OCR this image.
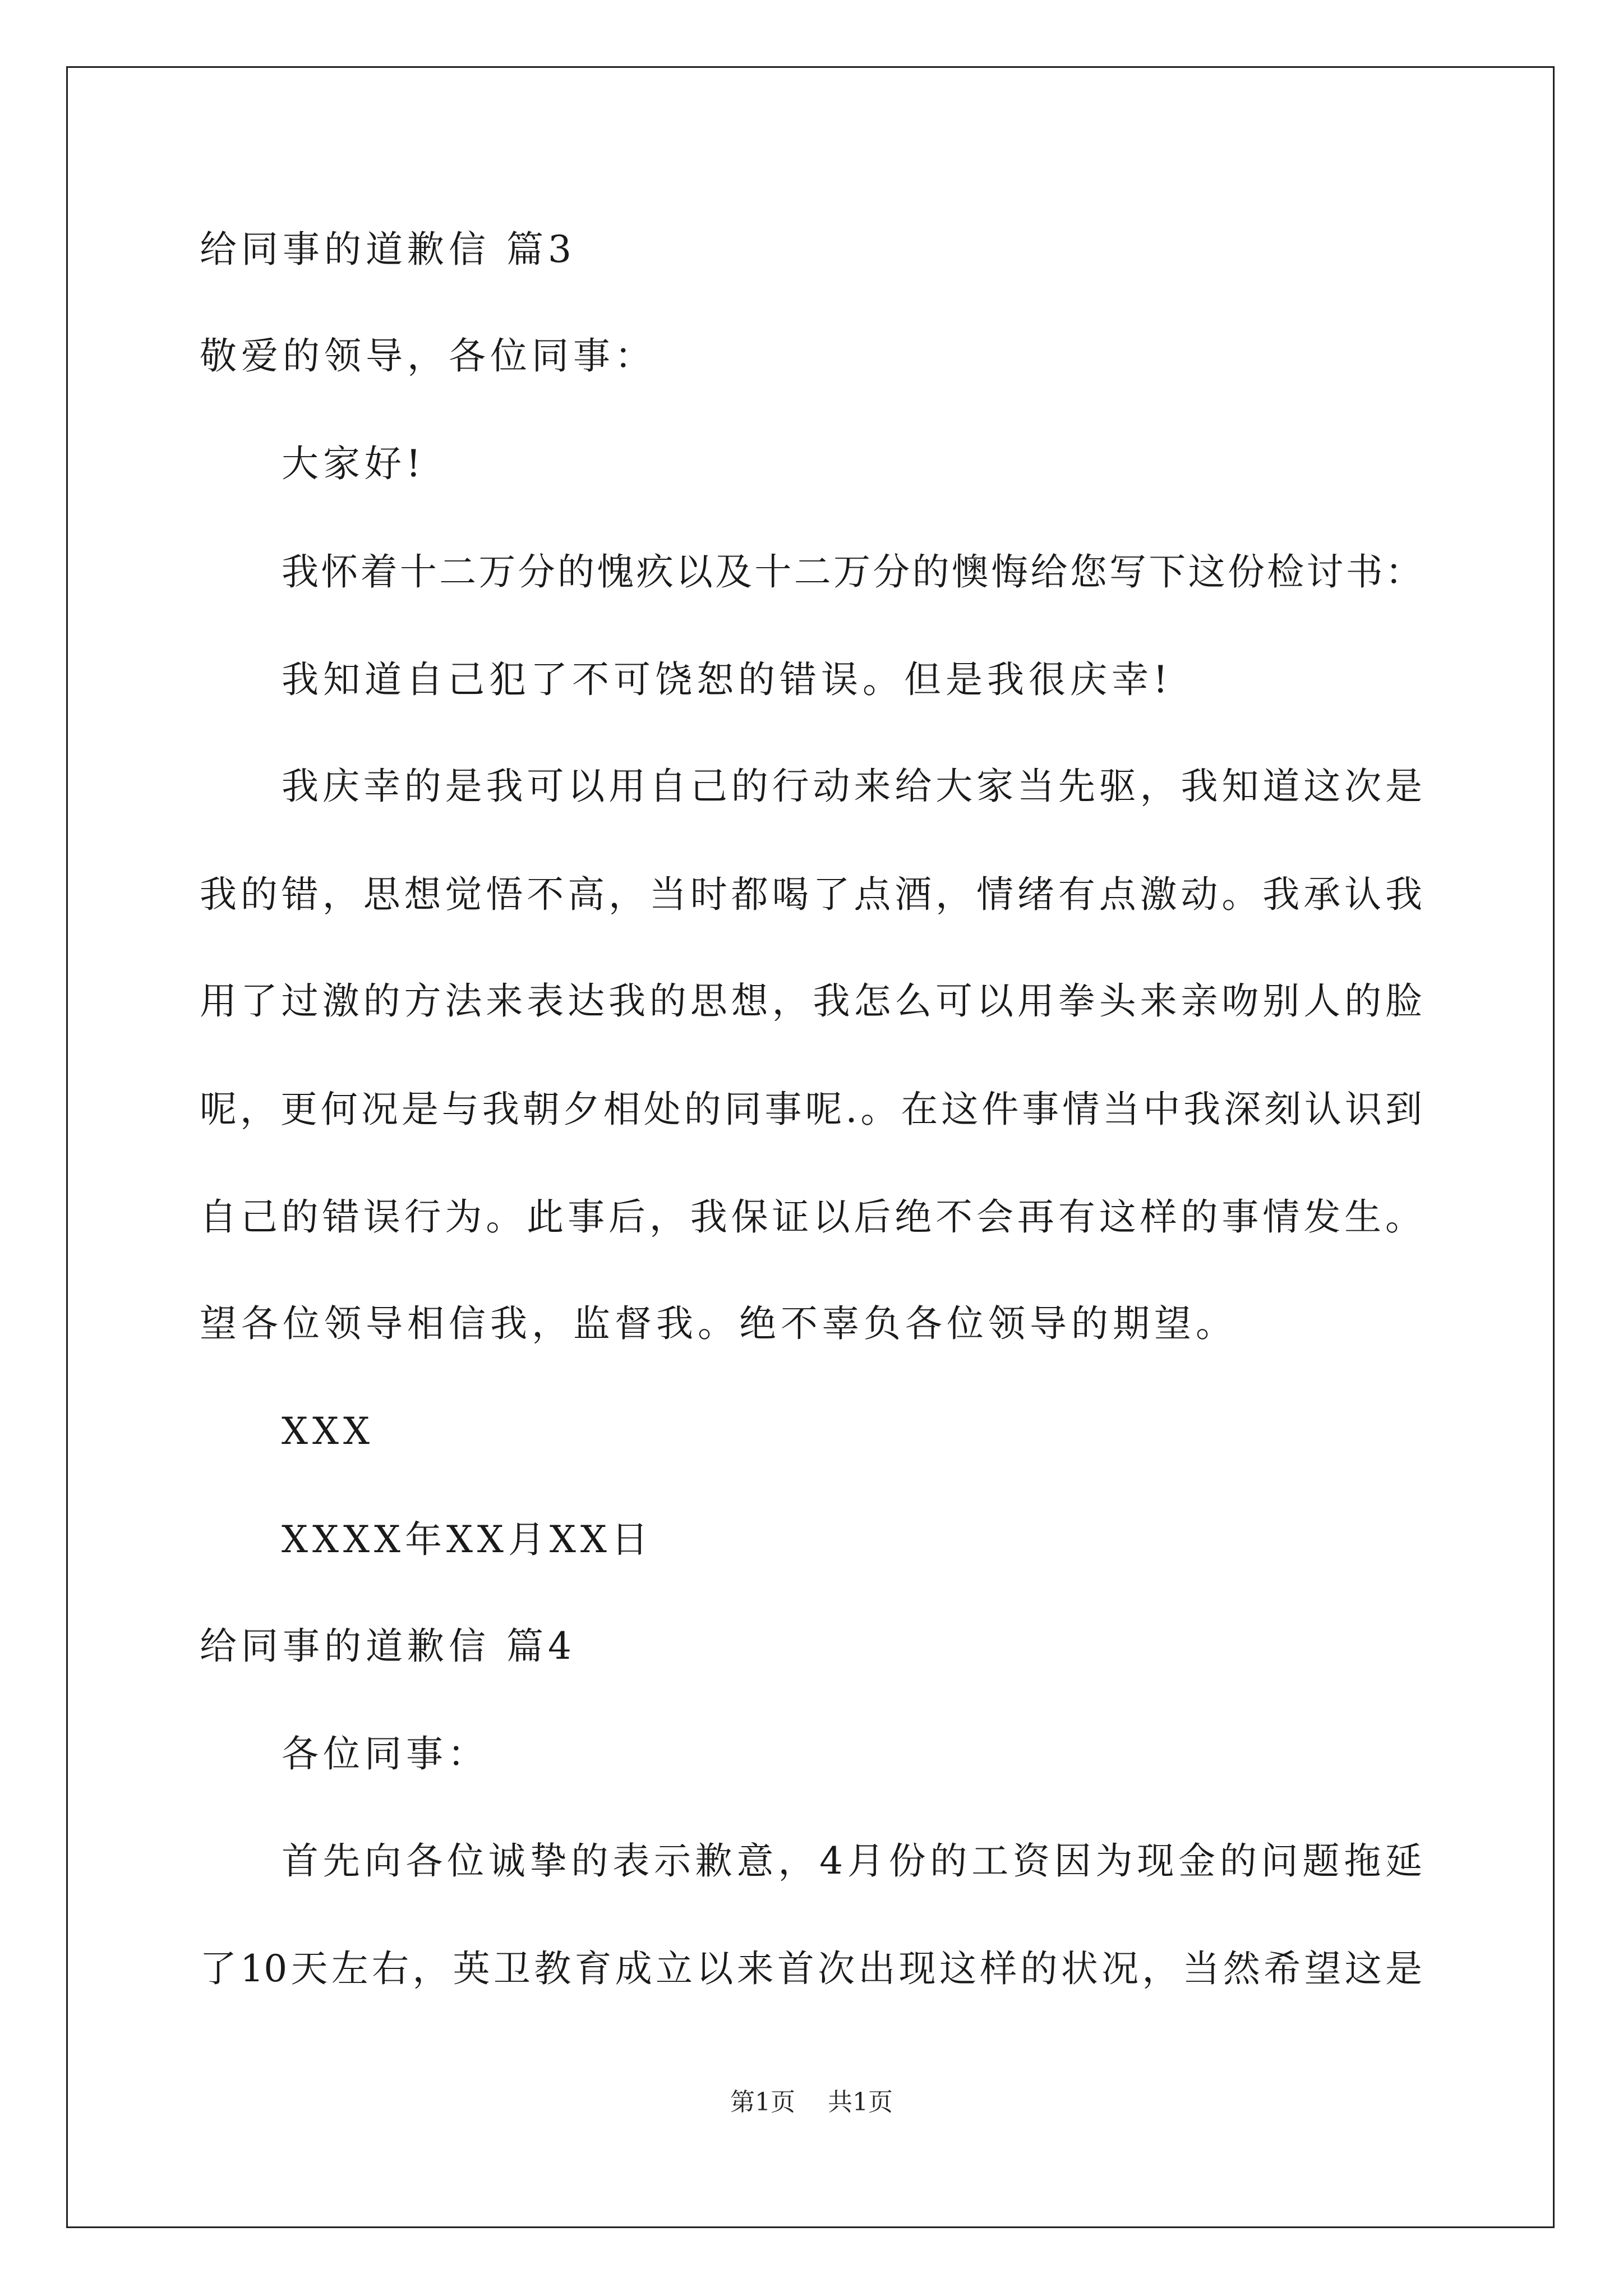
给同事的道歉信 篇3
敬爱的领导，各位同事：
大家好!
我怀着十二万分的愧疚以及十二万分的懊悔给您写下这份检讨书：
我知道自己犯了不可饶恕的错误。但是我很庆幸!
我庆幸的是我可以用自己的行动来给大家当先驱，我知道这次是
我的错，思想觉悟不高，当时都喝了点酒，情绪有点激动。我承认我
用了过激的方法来表达我的思想，我怎么可以用拳头来亲吻别人的脸
呢，更何况是与我朝夕相处的同事呢.。在这件事情当中我深刻认识到
自己的错误行为。此事后，我保证以后绝不会再有这样的事情发生。
望各位领导相信我，监督我。绝不辜负各位领导的期望。
XXX
XXXX年XX月XX日
给同事的道歉信 篇4
各位同事：
首先向各位诚挚的表示歉意，4月份的工资因为现金的问题拖延
了10天左右，英卫教育成立以来首次出现这样的状况，当然希望这是
第1页 共1页
